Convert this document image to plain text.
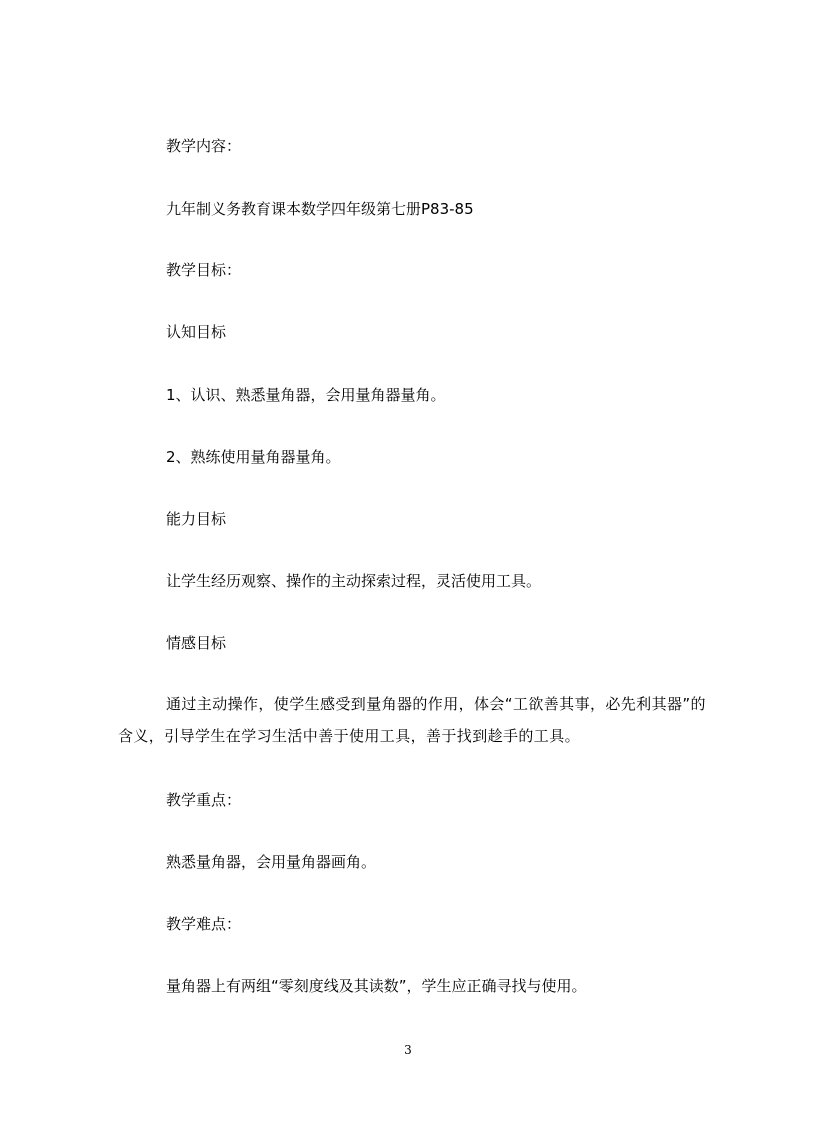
教学内容：
九年制义务教育课本数学四年级第七册P83-85
教学目标：
认知目标
1、认识、熟悉量角器，会用量角器量角。
2、熟练使用量角器量角。
能力目标
让学生经历观察、操作的主动探索过程，灵活使用工具。
情感目标
通过主动操作，使学生感受到量角器的作用，体会“工欲善其事，必先利其器”的含义，引导学生在学习生活中善于使用工具，善于找到趁手的工具。
教学重点：
熟悉量角器，会用量角器画角。
教学难点：
量角器上有两组“零刻度线及其读数”，学生应正确寻找与使用。
3
